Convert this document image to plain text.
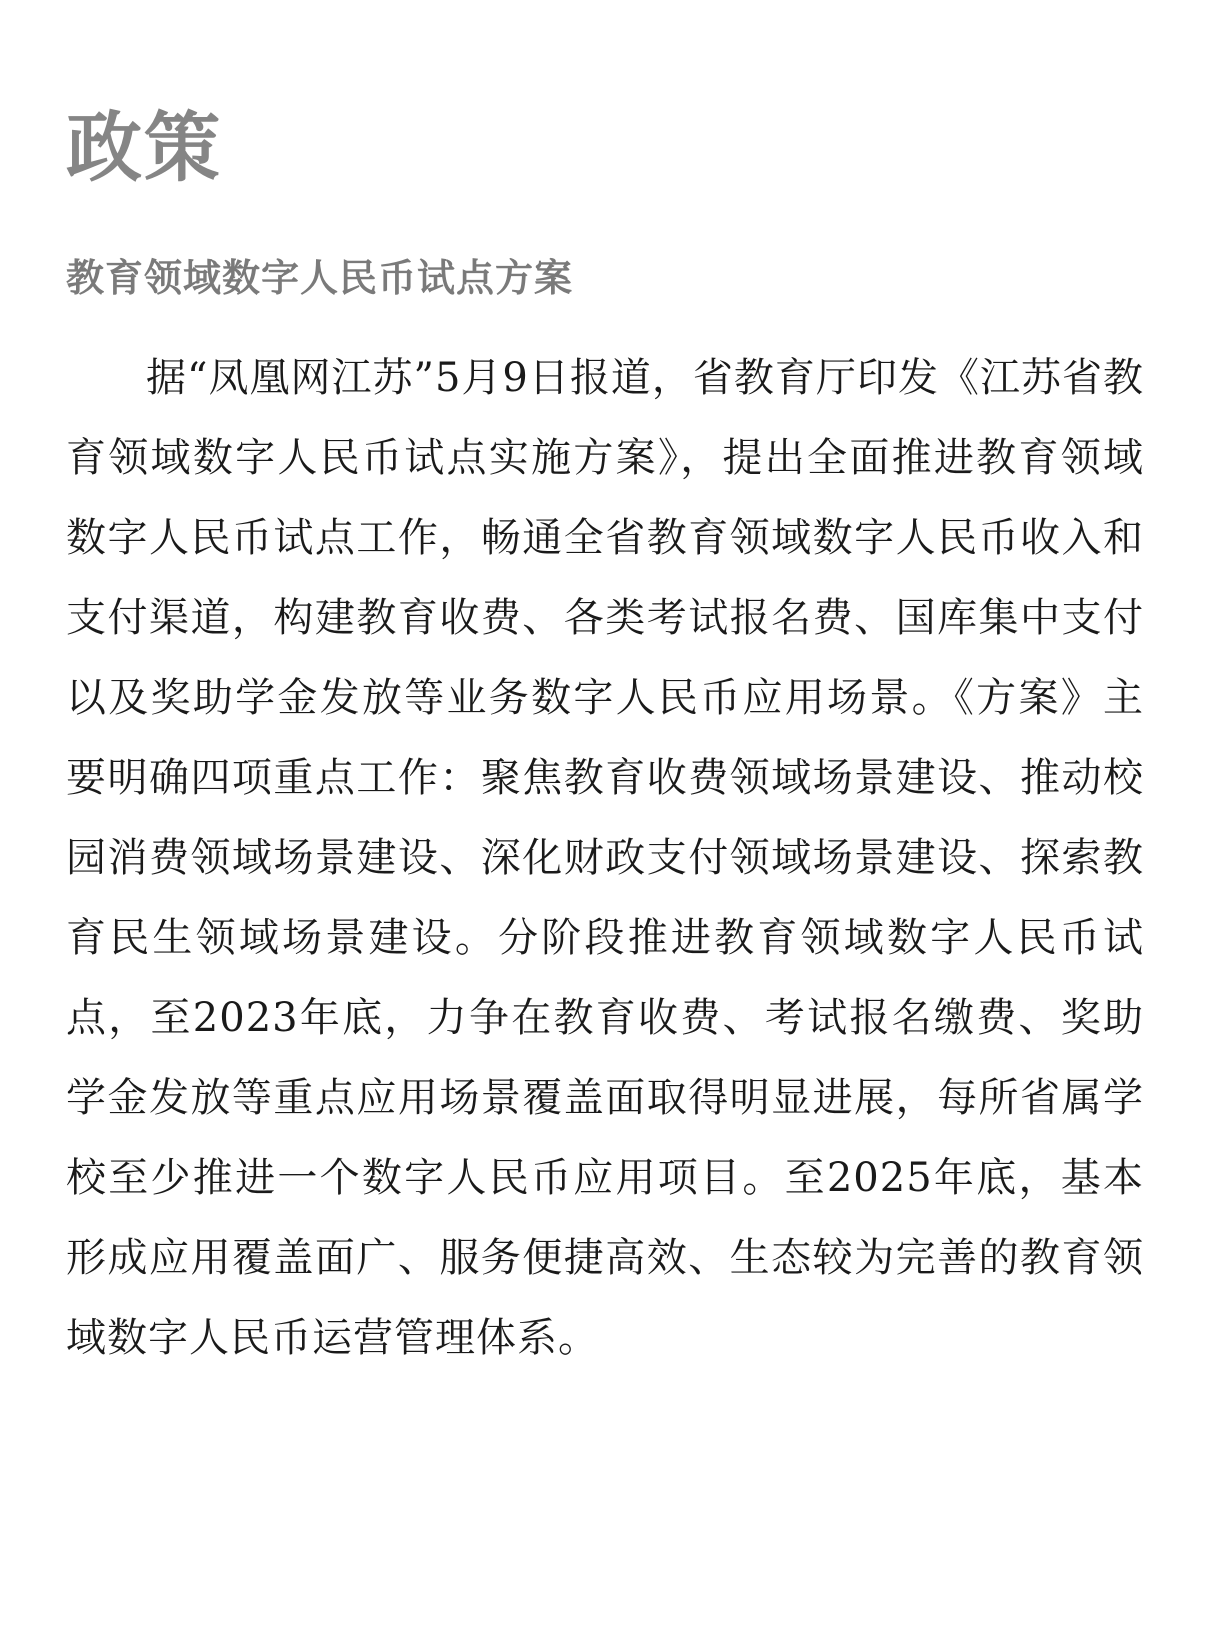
政策
教育领域数字人民币试点方案

据“凤凰网江苏”5月9日报道，省教育厅印发《江苏省教育领域数字人民币试点实施方案》，提出全面推进教育领域数字人民币试点工作，畅通全省教育领域数字人民币收入和支付渠道，构建教育收费、各类考试报名费、国库集中支付以及奖助学金发放等业务数字人民币应用场景。《方案》主要明确四项重点工作：聚焦教育收费领域场景建设、推动校园消费领域场景建设、深化财政支付领域场景建设、探索教育民生领域场景建设。分阶段推进教育领域数字人民币试点，至2023年底，力争在教育收费、考试报名缴费、奖助学金发放等重点应用场景覆盖面取得明显进展，每所省属学校至少推进一个数字人民币应用项目。至2025年底，基本形成应用覆盖面广、服务便捷高效、生态较为完善的教育领域数字人民币运营管理体系。
